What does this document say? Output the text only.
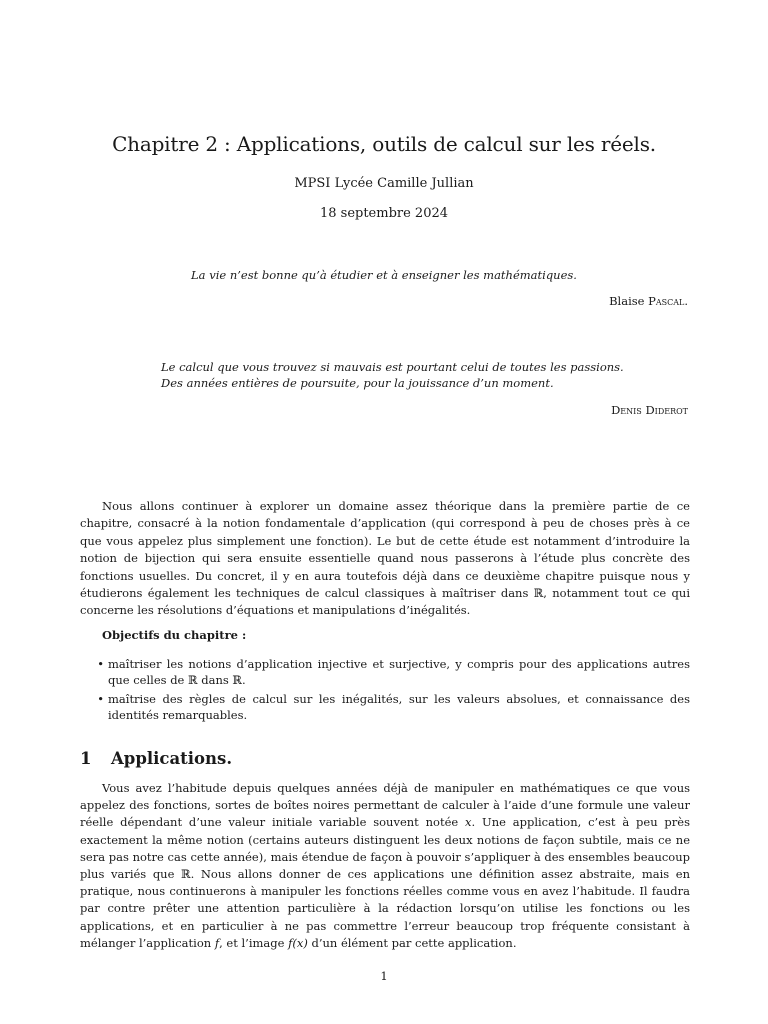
Chapitre 2 : Applications, outils de calcul sur les réels.
MPSI Lycée Camille Jullian
18 septembre 2024
La vie n’est bonne qu’à étudier et à enseigner les mathématiques.
Blaise Pascal.
Le calcul que vous trouvez si mauvais est pourtant celui de toutes les passions.
Des années entières de poursuite, pour la jouissance d’un moment.
Denis Diderot

Nous allons continuer à explorer un domaine assez théorique dans la première partie de ce chapitre, consacré à la notion fondamentale d’application (qui correspond à peu de choses près à ce que vous appelez plus simplement une fonction). Le but de cette étude est notamment d’introduire la notion de bijection qui sera ensuite essentielle quand nous passerons à l’étude plus concrète des fonctions usuelles. Du concret, il y en aura toutefois déjà dans ce deuxième chapitre puisque nous y étudierons également les techniques de calcul classiques à maîtriser dans ℝ, notamment tout ce qui concerne les résolutions d’équations et manipulations d’inégalités.

Objectifs du chapitre :
• maîtriser les notions d’application injective et surjective, y compris pour des applications autres que celles de ℝ dans ℝ.
• maîtrise des règles de calcul sur les inégalités, sur les valeurs absolues, et connaissance des identités remarquables.
1 Applications.

Vous avez l’habitude depuis quelques années déjà de manipuler en mathématiques ce que vous appelez des fonctions, sortes de boîtes noires permettant de calculer à l’aide d’une formule une valeur réelle dépendant d’une valeur initiale variable souvent notée x. Une application, c’est à peu près exactement la même notion (certains auteurs distinguent les deux notions de façon subtile, mais ce ne sera pas notre cas cette année), mais étendue de façon à pouvoir s’appliquer à des ensembles beaucoup plus variés que ℝ. Nous allons donner de ces applications une définition assez abstraite, mais en pratique, nous continuerons à manipuler les fonctions réelles comme vous en avez l’habitude. Il faudra par contre prêter une attention particulière à la rédaction lorsqu’on utilise les fonctions ou les applications, et en particulier à ne pas commettre l’erreur beaucoup trop fréquente consistant à mélanger l’application f, et l’image f(x) d’un élément par cette application.

1
